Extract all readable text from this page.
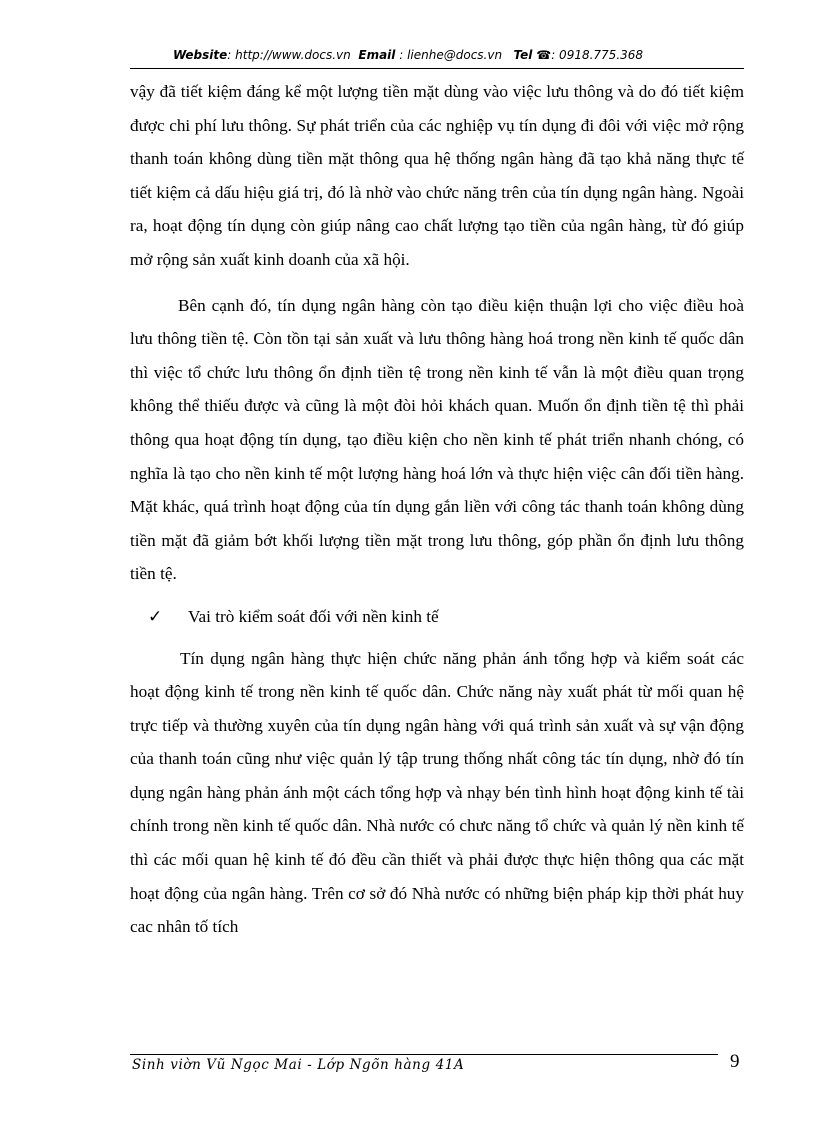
Website: http://www.docs.vn Email : lienhe@docs.vn Tel ☎: 0918.775.368

vậy đã tiết kiệm đáng kể một lượng tiền mặt dùng vào việc lưu thông và do đó tiết kiệm được chi phí lưu thông. Sự phát triển của các nghiệp vụ tín dụng đi đôi với việc mở rộng thanh toán không dùng tiền mặt thông qua hệ thống ngân hàng đã tạo khả năng thực tế tiết kiệm cả dấu hiệu giá trị, đó là nhờ vào chức năng trên của tín dụng ngân hàng. Ngoài ra, hoạt động tín dụng còn giúp nâng cao chất lượng tạo tiền của ngân hàng, từ đó giúp mở rộng sản xuất kinh doanh của xã hội.

Bên cạnh đó, tín dụng ngân hàng còn tạo điều kiện thuận lợi cho việc điều hoà lưu thông tiền tệ. Còn tồn tại sản xuất và lưu thông hàng hoá trong nền kinh tế quốc dân thì việc tổ chức lưu thông ổn định tiền tệ trong nền kinh tế vẫn là một điều quan trọng không thể thiếu được và cũng là một đòi hỏi khách quan. Muốn ổn định tiền tệ thì phải thông qua hoạt động tín dụng, tạo điều kiện cho nền kinh tế phát triển nhanh chóng, có nghĩa là tạo cho nền kinh tế một lượng hàng hoá lớn và thực hiện việc cân đối tiền hàng. Mặt khác, quá trình hoạt động của tín dụng gắn liền với công tác thanh toán không dùng tiền mặt đã giảm bớt khối lượng tiền mặt trong lưu thông, góp phần ổn định lưu thông tiền tệ.

✓	Vai trò kiểm soát đối với nền kinh tế

Tín dụng ngân hàng thực hiện chức năng phản ánh tổng hợp và kiểm soát các hoạt động kinh tế trong nền kinh tế quốc dân. Chức năng này xuất phát từ mối quan hệ trực tiếp và thường xuyên của tín dụng ngân hàng với quá trình sản xuất và sự vận động của thanh toán cũng như việc quản lý tập trung thống nhất công tác tín dụng, nhờ đó tín dụng ngân hàng phản ánh một cách tổng hợp và nhạy bén tình hình hoạt động kinh tế tài chính trong nền kinh tế quốc dân. Nhà nước có chưc năng tổ chức và quản lý nền kinh tế thì các mối quan hệ kinh tế đó đều cần thiết và phải được thực hiện thông qua các mặt hoạt động của ngân hàng. Trên cơ sở đó Nhà nước có những biện pháp kịp thời phát huy cac nhân tố tích

Sinh viờn Vũ Ngọc Mai - Lớp Ngõn hàng 41A	9
